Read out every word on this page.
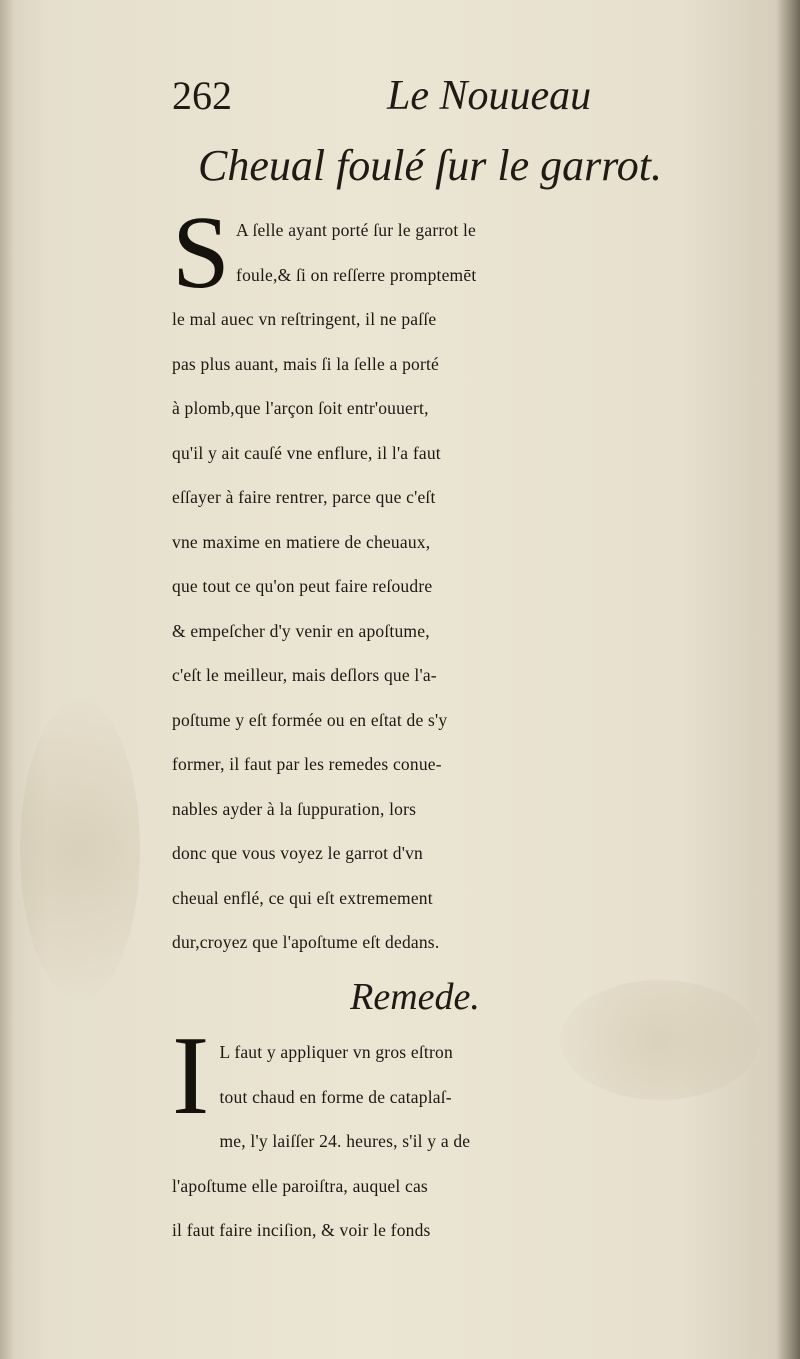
262	Le Nouueau
Cheual foulé ſur le garrot.
S A ſelle ayant porté ſur le garrot le
foule,& ſi on reſſerre promptemēt
le mal auec vn reſtringent, il ne paſſe
pas plus auant, mais ſi la ſelle a porté
à plomb,que l'arçon ſoit entr'ouuert,
qu'il y ait cauſé vne enflure, il l'a faut
eſſayer à faire rentrer, parce que c'eſt
vne maxime en matiere de cheuaux,
que tout ce qu'on peut faire reſoudre
& empeſcher d'y venir en apoſtume,
c'eſt le meilleur, mais deſlors que l'a-
poſtume y eſt formée ou en eſtat de s'y
former, il faut par les remedes conue-
nables ayder à la ſuppuration, lors
donc que vous voyez le garrot d'vn
cheual enflé, ce qui eſt extremement
dur,croyez que l'apoſtume eſt dedans.
Remede.
I L faut y appliquer vn gros eſtron
tout chaud en forme de cataplaſ-
me, l'y laiſſer 24. heures, s'il y a de
l'apoſtume elle paroiſtra, auquel cas
il faut faire inciſion, & voir le fonds
